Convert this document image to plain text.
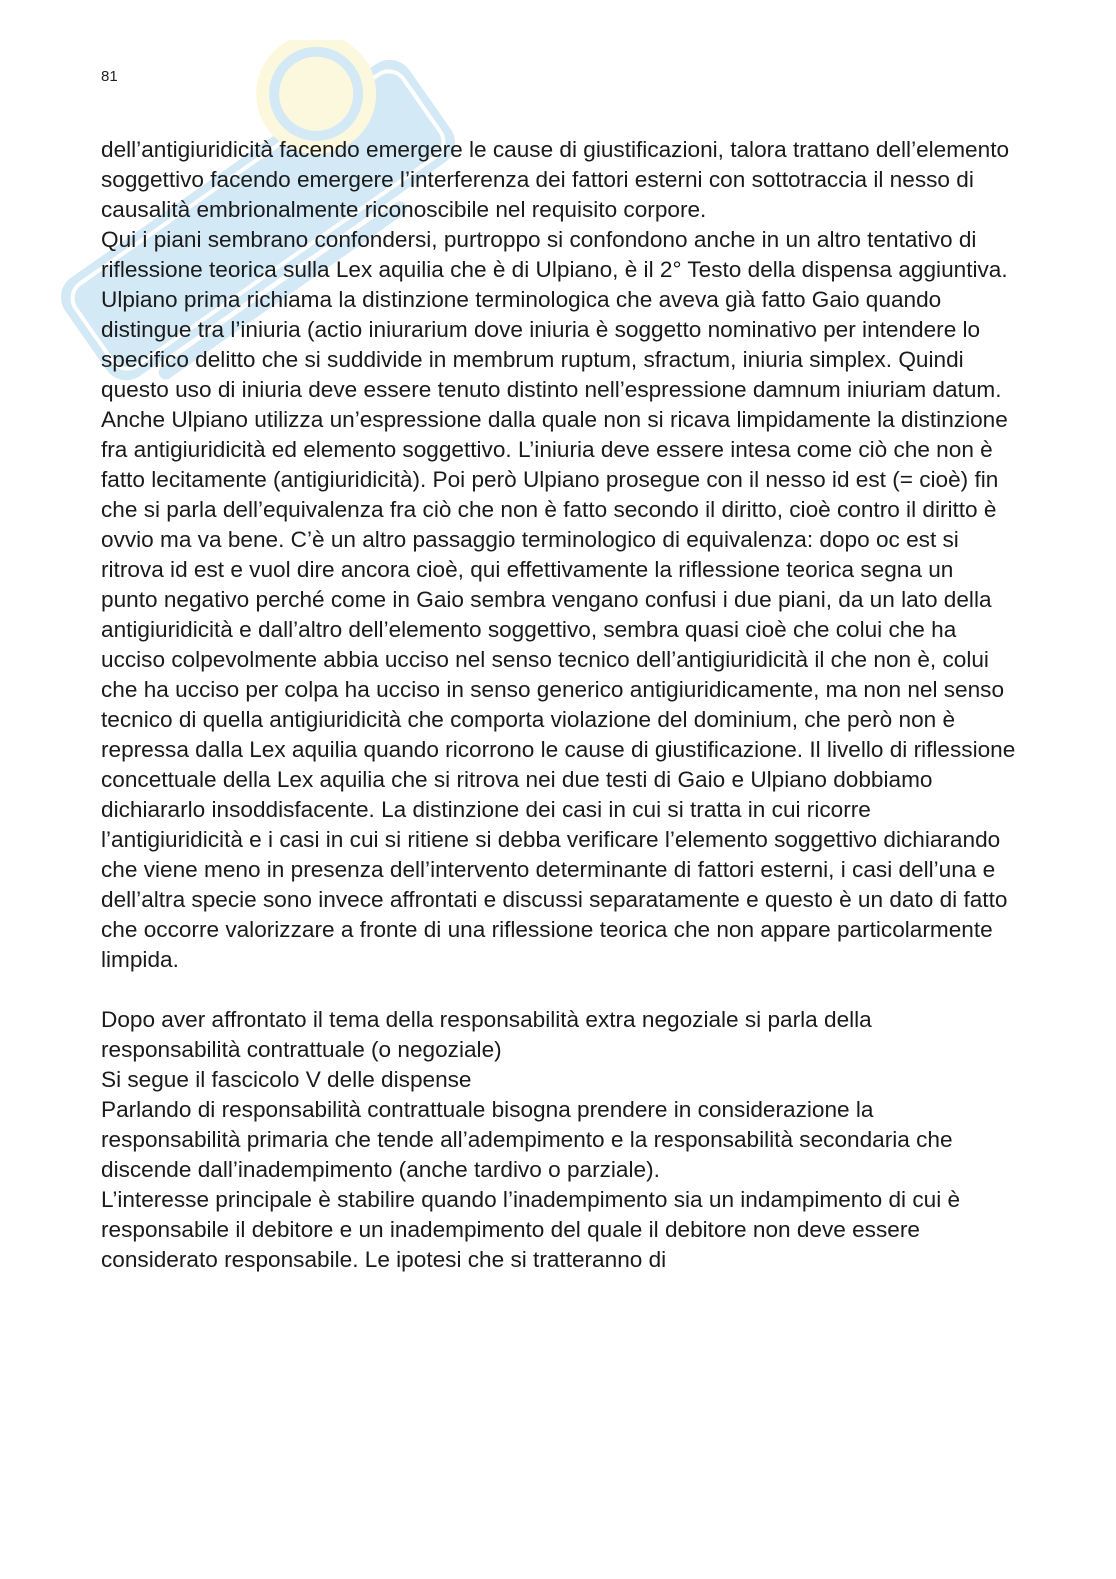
81

dell’antigiuridicità facendo emergere le cause di giustificazioni, talora trattano dell’elemento soggettivo facendo emergere l’interferenza dei fattori esterni con sottotraccia il nesso di causalità embrionalmente riconoscibile nel requisito corpore.

Qui i piani sembrano confondersi, purtroppo si confondono anche in un altro tentativo di riflessione teorica sulla Lex aquilia che è di Ulpiano, è il 2° Testo della dispensa aggiuntiva. Ulpiano prima richiama la distinzione terminologica che aveva già fatto Gaio quando distingue tra l’iniuria (actio iniurarium dove iniuria è soggetto nominativo per intendere lo specifico delitto che si suddivide in membrum ruptum, sfractum, iniuria simplex. Quindi questo uso di iniuria deve essere tenuto distinto nell’espressione damnum iniuriam datum. Anche Ulpiano utilizza un’espressione dalla quale non si ricava limpidamente la distinzione fra antigiuridicità ed elemento soggettivo. L’iniuria deve essere intesa come ciò che non è fatto lecitamente (antigiuridicità). Poi però Ulpiano prosegue con il nesso id est (= cioè) fin che si parla dell’equivalenza fra ciò che non è fatto secondo il diritto, cioè contro il diritto è ovvio ma va bene. C’è un altro passaggio terminologico di equivalenza: dopo oc est si ritrova id est e vuol dire ancora cioè, qui effettivamente la riflessione teorica segna un punto negativo perché come in Gaio sembra vengano confusi i due piani, da un lato della antigiuridicità e dall’altro dell’elemento soggettivo, sembra quasi cioè che colui che ha ucciso colpevolmente abbia ucciso nel senso tecnico dell’antigiuridicità il che non è, colui che ha ucciso per colpa ha ucciso in senso generico antigiuridicamente, ma non nel senso tecnico di quella antigiuridicità che comporta violazione del dominium, che però non è repressa dalla Lex aquilia quando ricorrono le cause di giustificazione. Il livello di riflessione concettuale della Lex aquilia che si ritrova nei due testi di Gaio e Ulpiano dobbiamo dichiararlo insoddisfacente. La distinzione dei casi in cui si tratta in cui ricorre l’antigiuridicità e i casi in cui si ritiene si debba verificare l’elemento soggettivo dichiarando che viene meno in presenza dell’intervento determinante di fattori esterni, i casi dell’una e dell’altra specie sono invece affrontati e discussi separatamente e questo è un dato di fatto che occorre valorizzare a fronte di una riflessione teorica che non appare particolarmente limpida.

Dopo aver affrontato il tema della responsabilità extra negoziale si parla della responsabilità contrattuale (o negoziale)

Si segue il fascicolo V delle dispense

Parlando di responsabilità contrattuale bisogna prendere in considerazione la responsabilità primaria che tende all’adempimento e la responsabilità secondaria che discende dall’inadempimento (anche tardivo o parziale).

L’interesse principale è stabilire quando l’inadempimento sia un indampimento di cui è responsabile il debitore e un inadempimento del quale il debitore non deve essere considerato responsabile. Le ipotesi che si tratteranno di
